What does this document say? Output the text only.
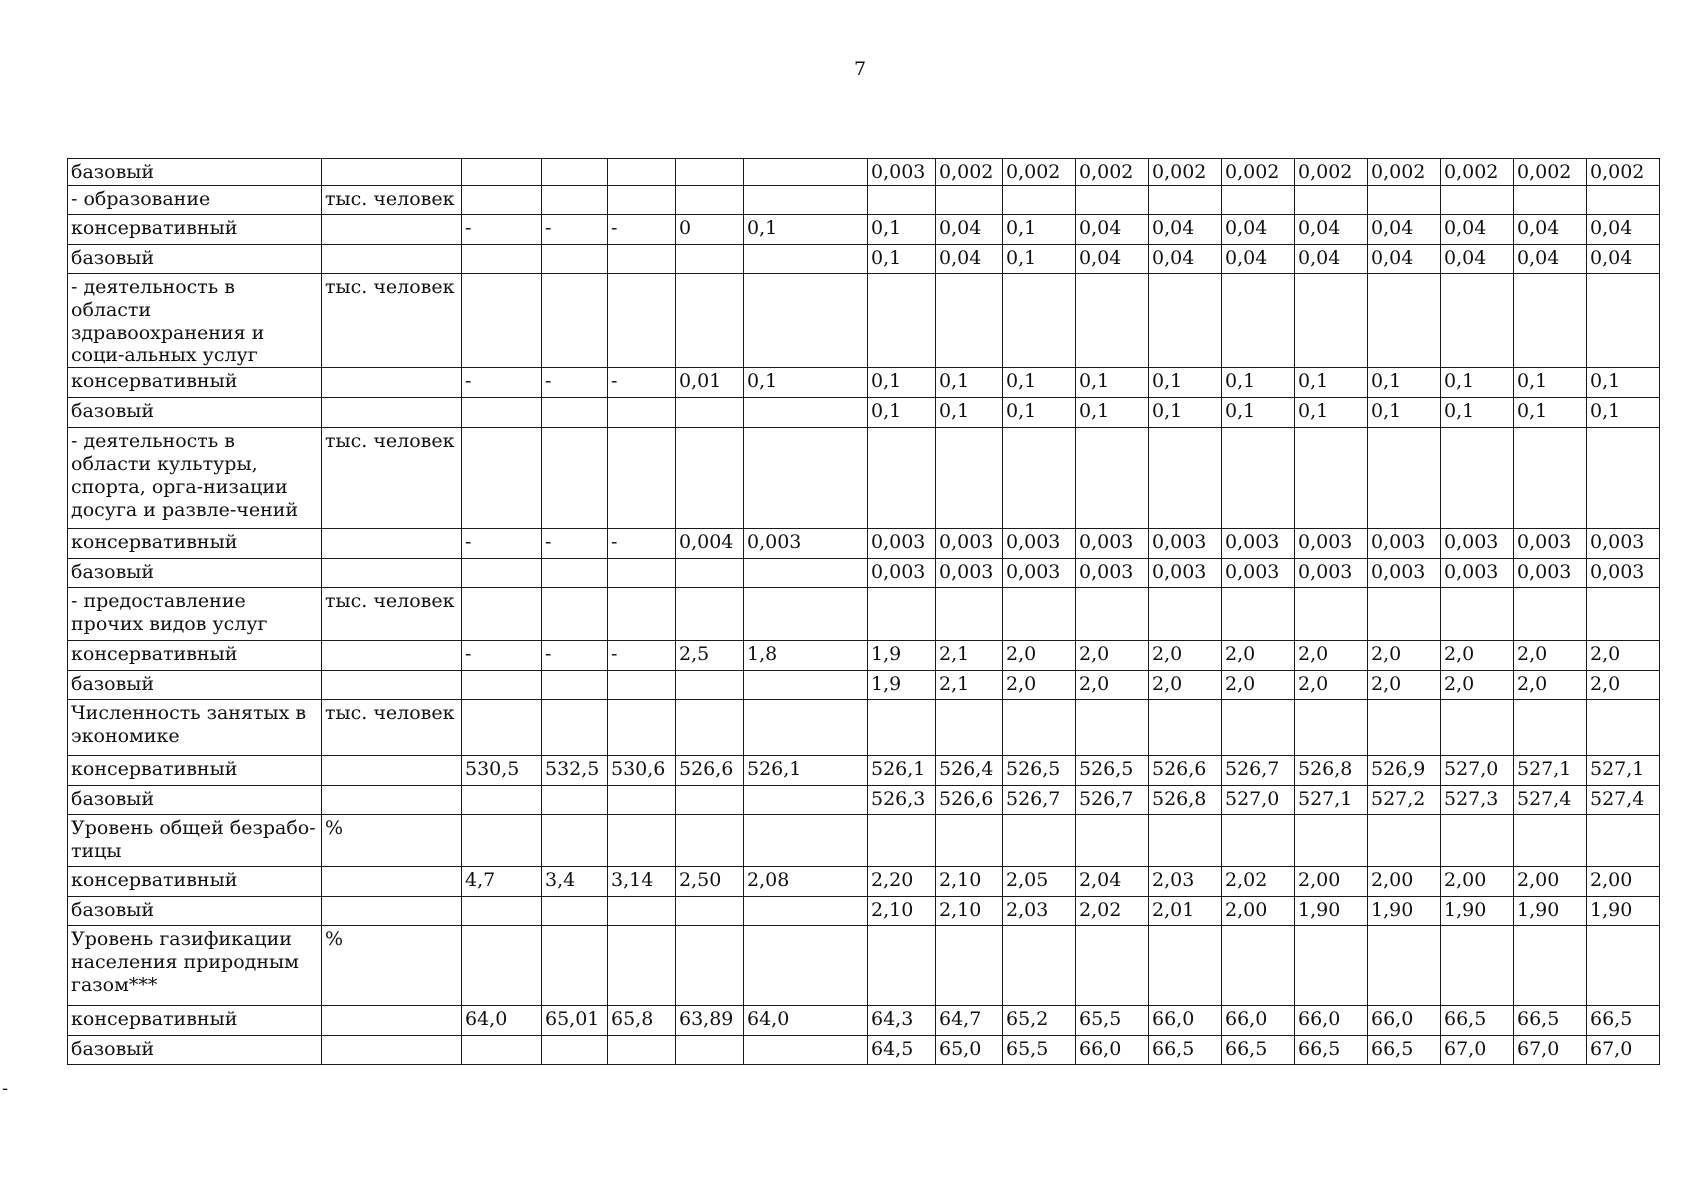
7
-
базовый							0,003	0,002	0,002	0,002	0,002	0,002	0,002	0,002	0,002	0,002	0,002
- образование	тыс. человек																
консервативный		-	-	-	0	0,1	0,1	0,04	0,1	0,04	0,04	0,04	0,04	0,04	0,04	0,04	0,04
базовый							0,1	0,04	0,1	0,04	0,04	0,04	0,04	0,04	0,04	0,04	0,04
- деятельность в области здравоохранения и соци-альных услуг	тыс. человек																
консервативный		-	-	-	0,01	0,1	0,1	0,1	0,1	0,1	0,1	0,1	0,1	0,1	0,1	0,1	0,1
базовый							0,1	0,1	0,1	0,1	0,1	0,1	0,1	0,1	0,1	0,1	0,1
- деятельность в области культуры, спорта, орга-низации досуга и развле-чений	тыс. человек																
консервативный		-	-	-	0,004	0,003	0,003	0,003	0,003	0,003	0,003	0,003	0,003	0,003	0,003	0,003	0,003
базовый							0,003	0,003	0,003	0,003	0,003	0,003	0,003	0,003	0,003	0,003	0,003
- предоставление прочих видов услуг	тыс. человек																
консервативный		-	-	-	2,5	1,8	1,9	2,1	2,0	2,0	2,0	2,0	2,0	2,0	2,0	2,0	2,0
базовый							1,9	2,1	2,0	2,0	2,0	2,0	2,0	2,0	2,0	2,0	2,0
Численность занятых в экономике	тыс. человек																
консервативный		530,5	532,5	530,6	526,6	526,1	526,1	526,4	526,5	526,5	526,6	526,7	526,8	526,9	527,0	527,1	527,1
базовый							526,3	526,6	526,7	526,7	526,8	527,0	527,1	527,2	527,3	527,4	527,4
Уровень общей безрабо-тицы	%																
консервативный		4,7	3,4	3,14	2,50	2,08	2,20	2,10	2,05	2,04	2,03	2,02	2,00	2,00	2,00	2,00	2,00
базовый							2,10	2,10	2,03	2,02	2,01	2,00	1,90	1,90	1,90	1,90	1,90
Уровень газификации населения природным газом***	%																
консервативный		64,0	65,01	65,8	63,89	64,0	64,3	64,7	65,2	65,5	66,0	66,0	66,0	66,0	66,5	66,5	66,5
базовый							64,5	65,0	65,5	66,0	66,5	66,5	66,5	66,5	67,0	67,0	67,0
